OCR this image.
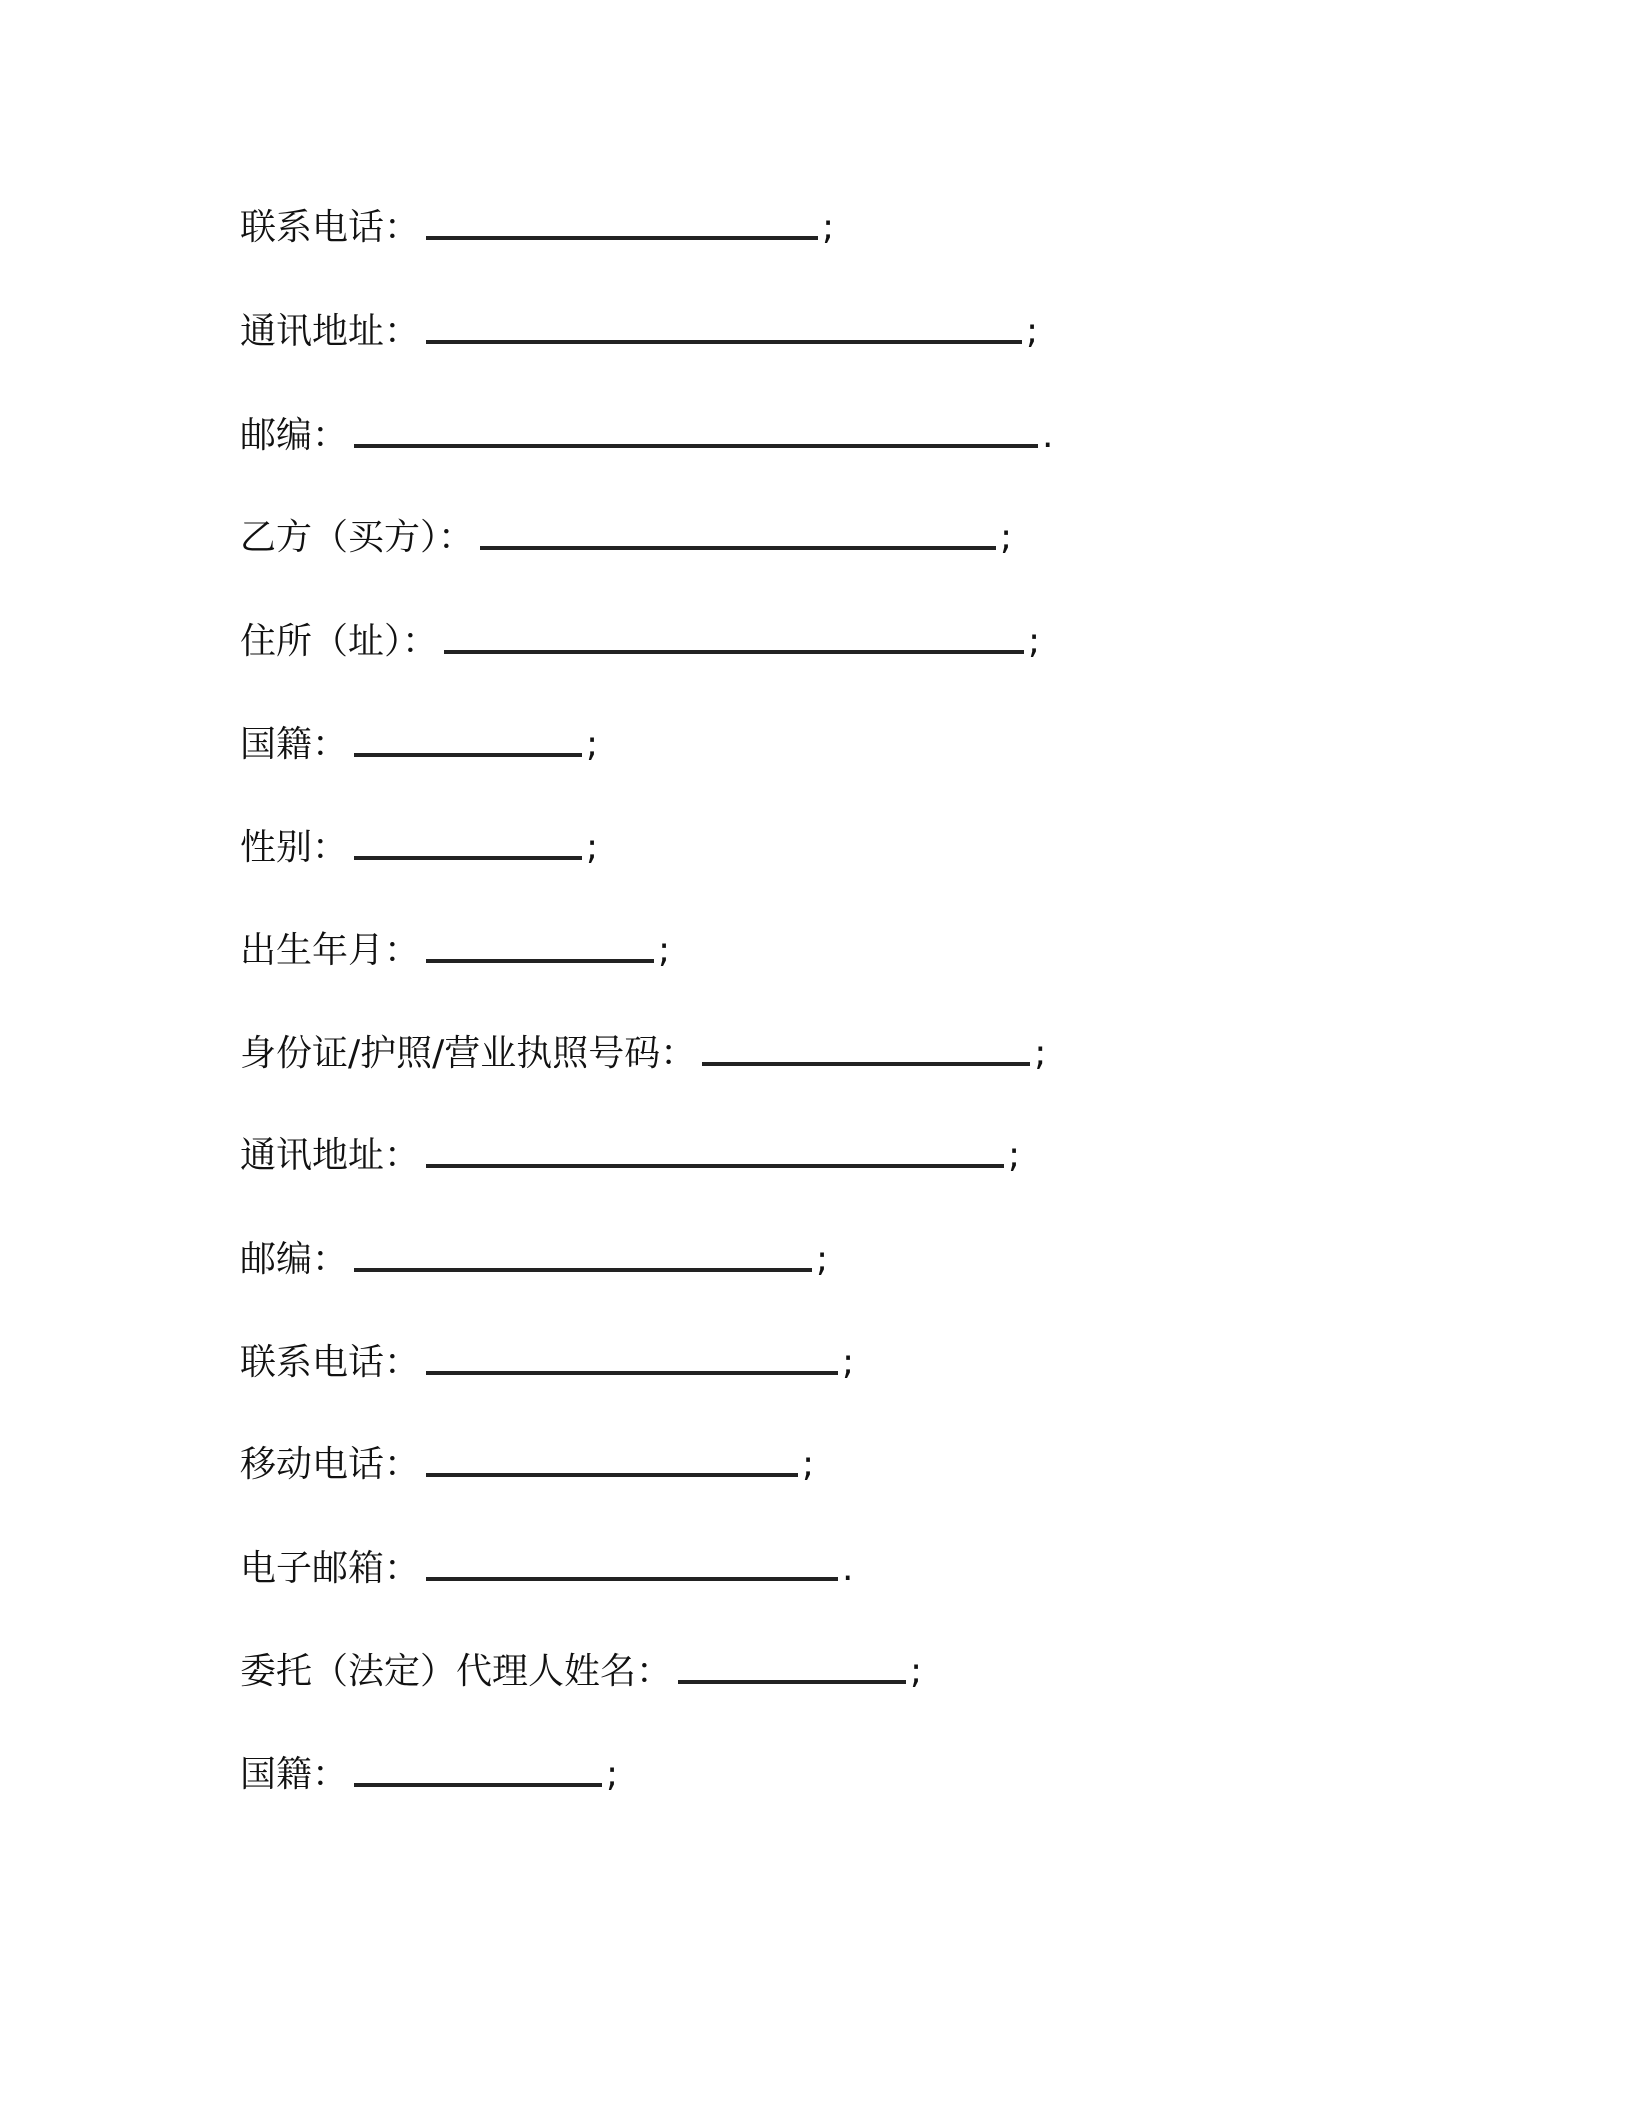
联系电话：	;
通讯地址：	;
邮编：	.
乙方（买方）：	;
住所（址）：	;
国籍：	;
性别：	;
出生年月：	;
身份证/护照/营业执照号码：	;
通讯地址：	;
邮编：	;
联系电话：	;
移动电话：	;
电子邮箱：	.
委托（法定）代理人姓名：	;
国籍：	;
